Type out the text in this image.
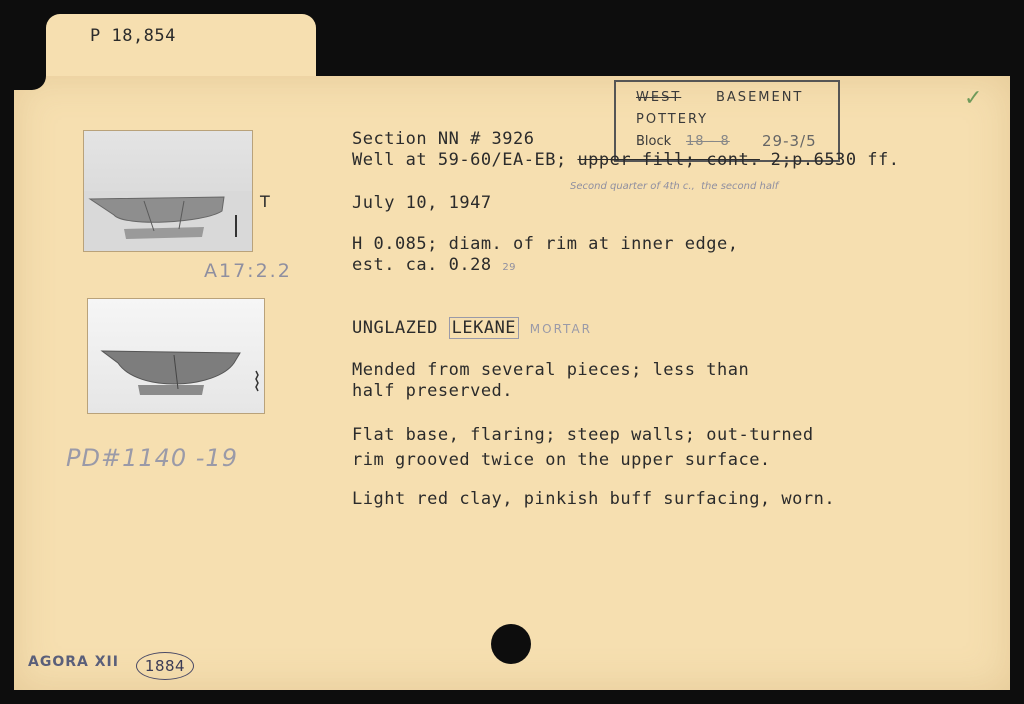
P 18,854
T
A17:2.2
PD#1140 -19
WEST	BASEMENT
POTTERY
Block 18 - 8 29-3/5
✓
Section NN # 3926
Well at 59-60/EA-EB; upper fill; cont. 2;p.6530 ff.
Second quarter of 4th c.,  the second half
July 10, 1947
H 0.085; diam. of rim at inner edge,
est. ca. 0.28 29
UNGLAZED LEKANE MORTAR
Mended from several pieces; less than
half preserved.
Flat base, flaring; steep walls; out-turned
rim grooved twice on the upper surface.
Light red clay, pinkish buff surfacing, worn.
AGORA XII	1884
